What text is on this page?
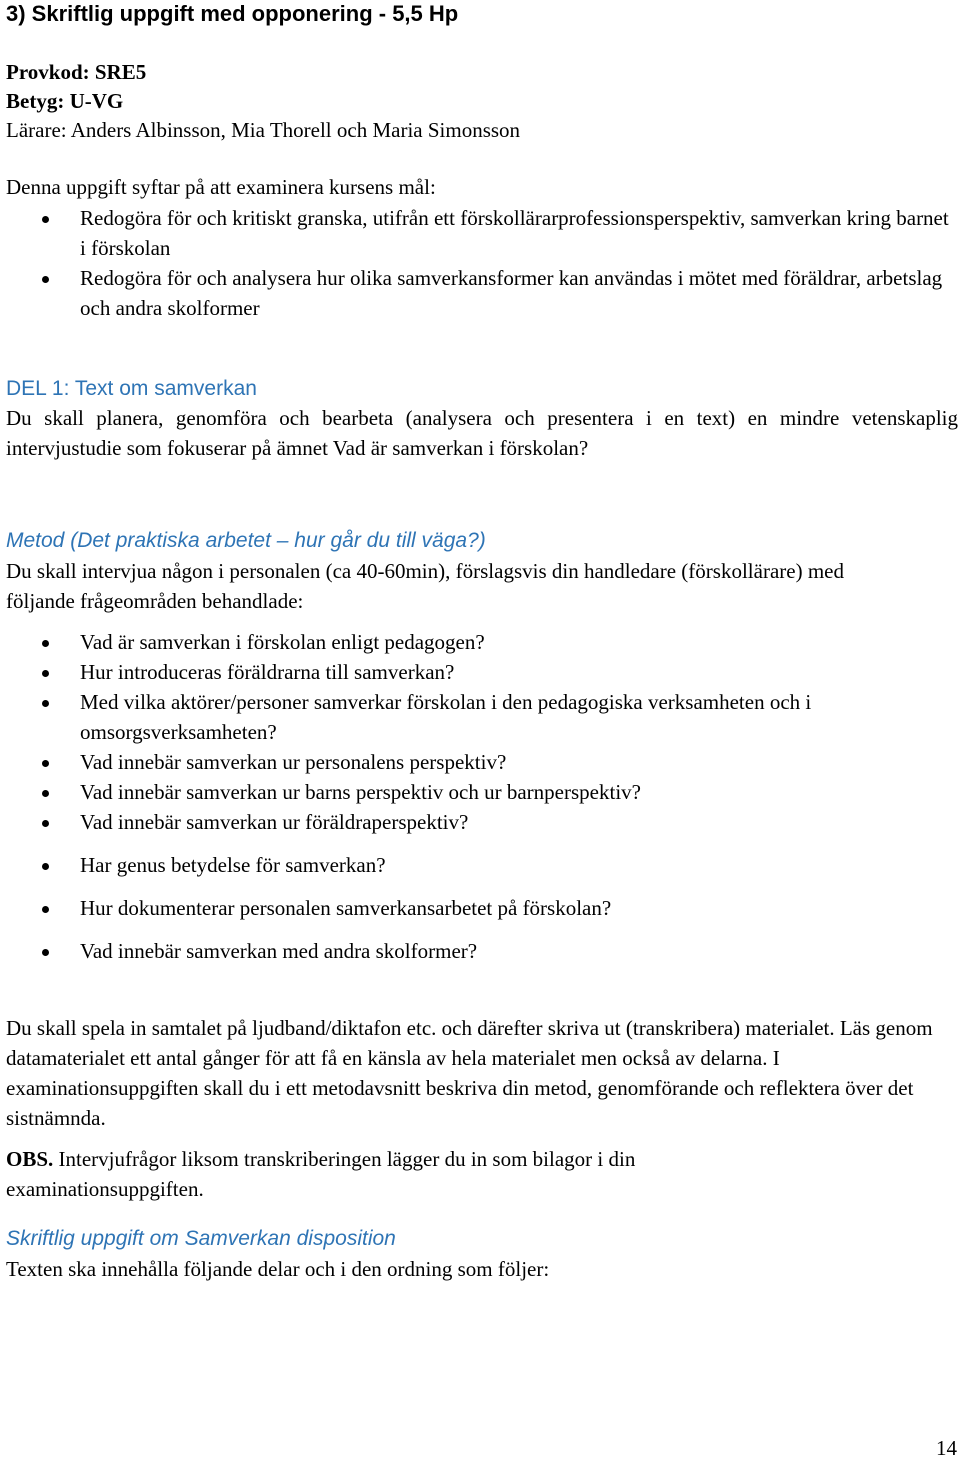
3) Skriftlig uppgift med opponering - 5,5 Hp
Provkod: SRE5
Betyg: U-VG
Lärare: Anders Albinsson, Mia Thorell och Maria Simonsson
Denna uppgift syftar på att examinera kursens mål:
Redogöra för och kritiskt granska, utifrån ett förskollärarprofessionsperspektiv, samverkan kring barnet i förskolan
Redogöra för och analysera hur olika samverkansformer kan användas i mötet med föräldrar, arbetslag och andra skolformer
DEL 1: Text om samverkan

Du skall planera, genomföra och bearbeta (analysera och presentera i en text) en mindre vetenskaplig intervjustudie som fokuserar på ämnet Vad är samverkan i förskolan?

Metod (Det praktiska arbetet – hur går du till väga?)

Du skall intervjua någon i personalen (ca 40-60min), förslagsvis din handledare (förskollärare) med följande frågeområden behandlade:

Vad är samverkan i förskolan enligt pedagogen?
Hur introduceras föräldrarna till samverkan?
Med vilka aktörer/personer samverkar förskolan i den pedagogiska verksamheten och i omsorgsverksamheten?
Vad innebär samverkan ur personalens perspektiv?
Vad innebär samverkan ur barns perspektiv och ur barnperspektiv?
Vad innebär samverkan ur föräldraperspektiv?
Har genus betydelse för samverkan?
Hur dokumenterar personalen samverkansarbetet på förskolan?
Vad innebär samverkan med andra skolformer?

Du skall spela in samtalet på ljudband/diktafon etc. och därefter skriva ut (transkribera) materialet. Läs genom datamaterialet ett antal gånger för att få en känsla av hela materialet men också av delarna. I examinationsuppgiften skall du i ett metodavsnitt beskriva din metod, genomförande och reflektera över det sistnämnda.

OBS. Intervjufrågor liksom transkriberingen lägger du in som bilagor i din examinationsuppgiften.

Skriftlig uppgift om Samverkan disposition
Texten ska innehålla följande delar och i den ordning som följer:
14
